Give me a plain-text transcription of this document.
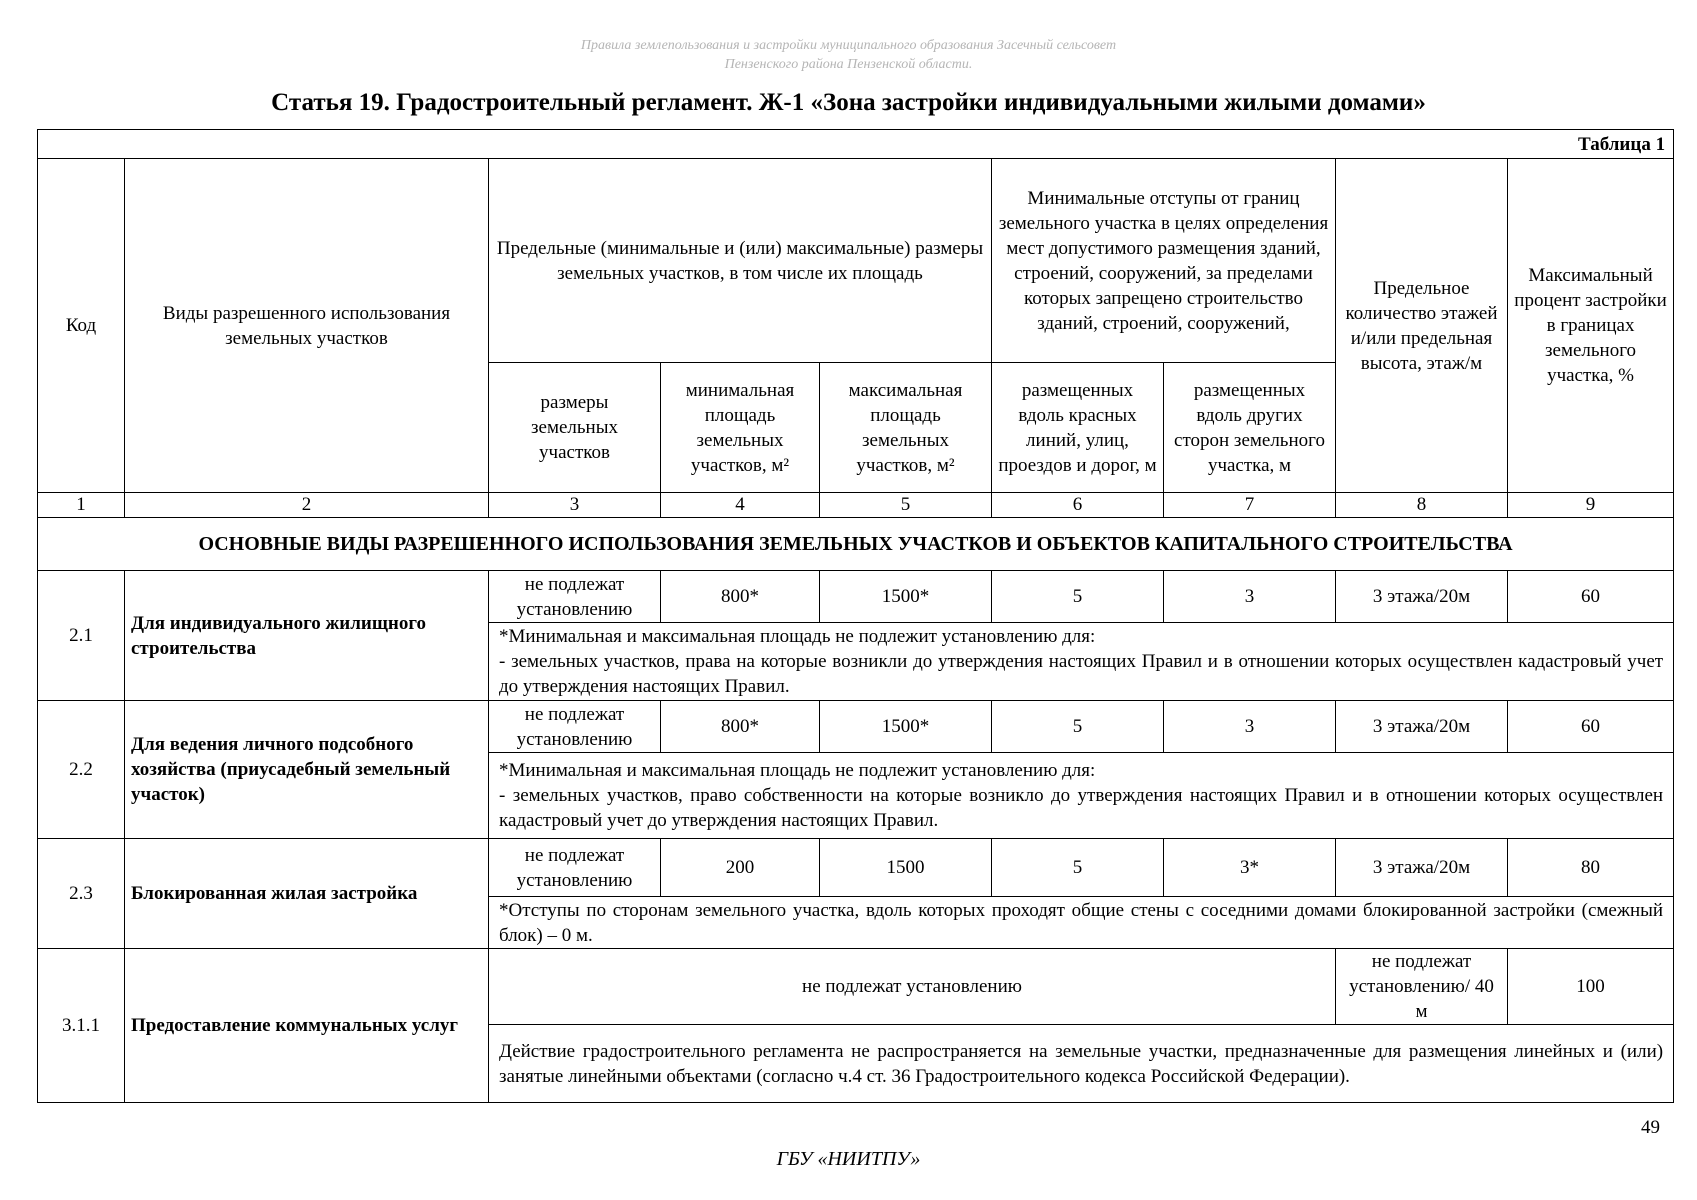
Правила землепользования и застройки муниципального образования Засечный сельсовет
Пензенского района Пензенской области.
Статья 19. Градостроительный регламент. Ж-1 «Зона застройки индивидуальными жилыми домами»
Таблица 1								
Код	Виды разрешенного использования земельных участков	Предельные (минимальные и (или) максимальные) размеры земельных участков, в том числе их площадь			Минимальные отступы от границ земельного участка в целях определения мест допустимого размещения зданий, строений, сооружений, за пределами которых запрещено строительство зданий, строений, сооружений,		Предельное количество этажей и/или предельная высота, этаж/м	Максимальный процент застройки в границах земельного участка, %
		размеры земельных участков	минимальная площадь земельных участков, м²	максимальная площадь земельных участков, м²	размещенных вдоль красных линий, улиц, проездов и дорог, м	размещенных вдоль других сторон земельного участка, м		
1	2	3	4	5	6	7	8	9
ОСНОВНЫЕ ВИДЫ РАЗРЕШЕННОГО ИСПОЛЬЗОВАНИЯ ЗЕМЕЛЬНЫХ УЧАСТКОВ И ОБЪЕКТОВ КАПИТАЛЬНОГО СТРОИТЕЛЬСТВА								
2.1	Для индивидуального жилищного строительства	не подлежат установлению	800*	1500*	5	3	3 этажа/20м	60
		*Минимальная и максимальная площадь не подлежит установлению для:
- земельных участков, права на которые возникли до утверждения настоящих Правил и в отношении которых осуществлен кадастровый учет до утверждения настоящих Правил.						
2.2	Для ведения личного подсобного хозяйства (приусадебный земельный участок)	не подлежат установлению	800*	1500*	5	3	3 этажа/20м	60
		*Минимальная и максимальная площадь не подлежит установлению для:
- земельных участков, право собственности на которые возникло до утверждения настоящих Правил и в отношении которых осуществлен кадастровый учет до утверждения настоящих Правил.						
2.3	Блокированная жилая застройка	не подлежат установлению	200	1500	5	3*	3 этажа/20м	80
		*Отступы по сторонам земельного участка, вдоль которых проходят общие стены с соседними домами блокированной застройки (смежный блок) – 0 м.						
3.1.1	Предоставление коммунальных услуг	не подлежат установлению					не подлежат установлению/ 40 м	100
		Действие градостроительного регламента не распространяется на земельные участки, предназначенные для размещения линейных и (или) занятые линейными объектами (согласно ч.4 ст. 36 Градостроительного кодекса Российской Федерации).						
49
ГБУ «НИИТПУ»
